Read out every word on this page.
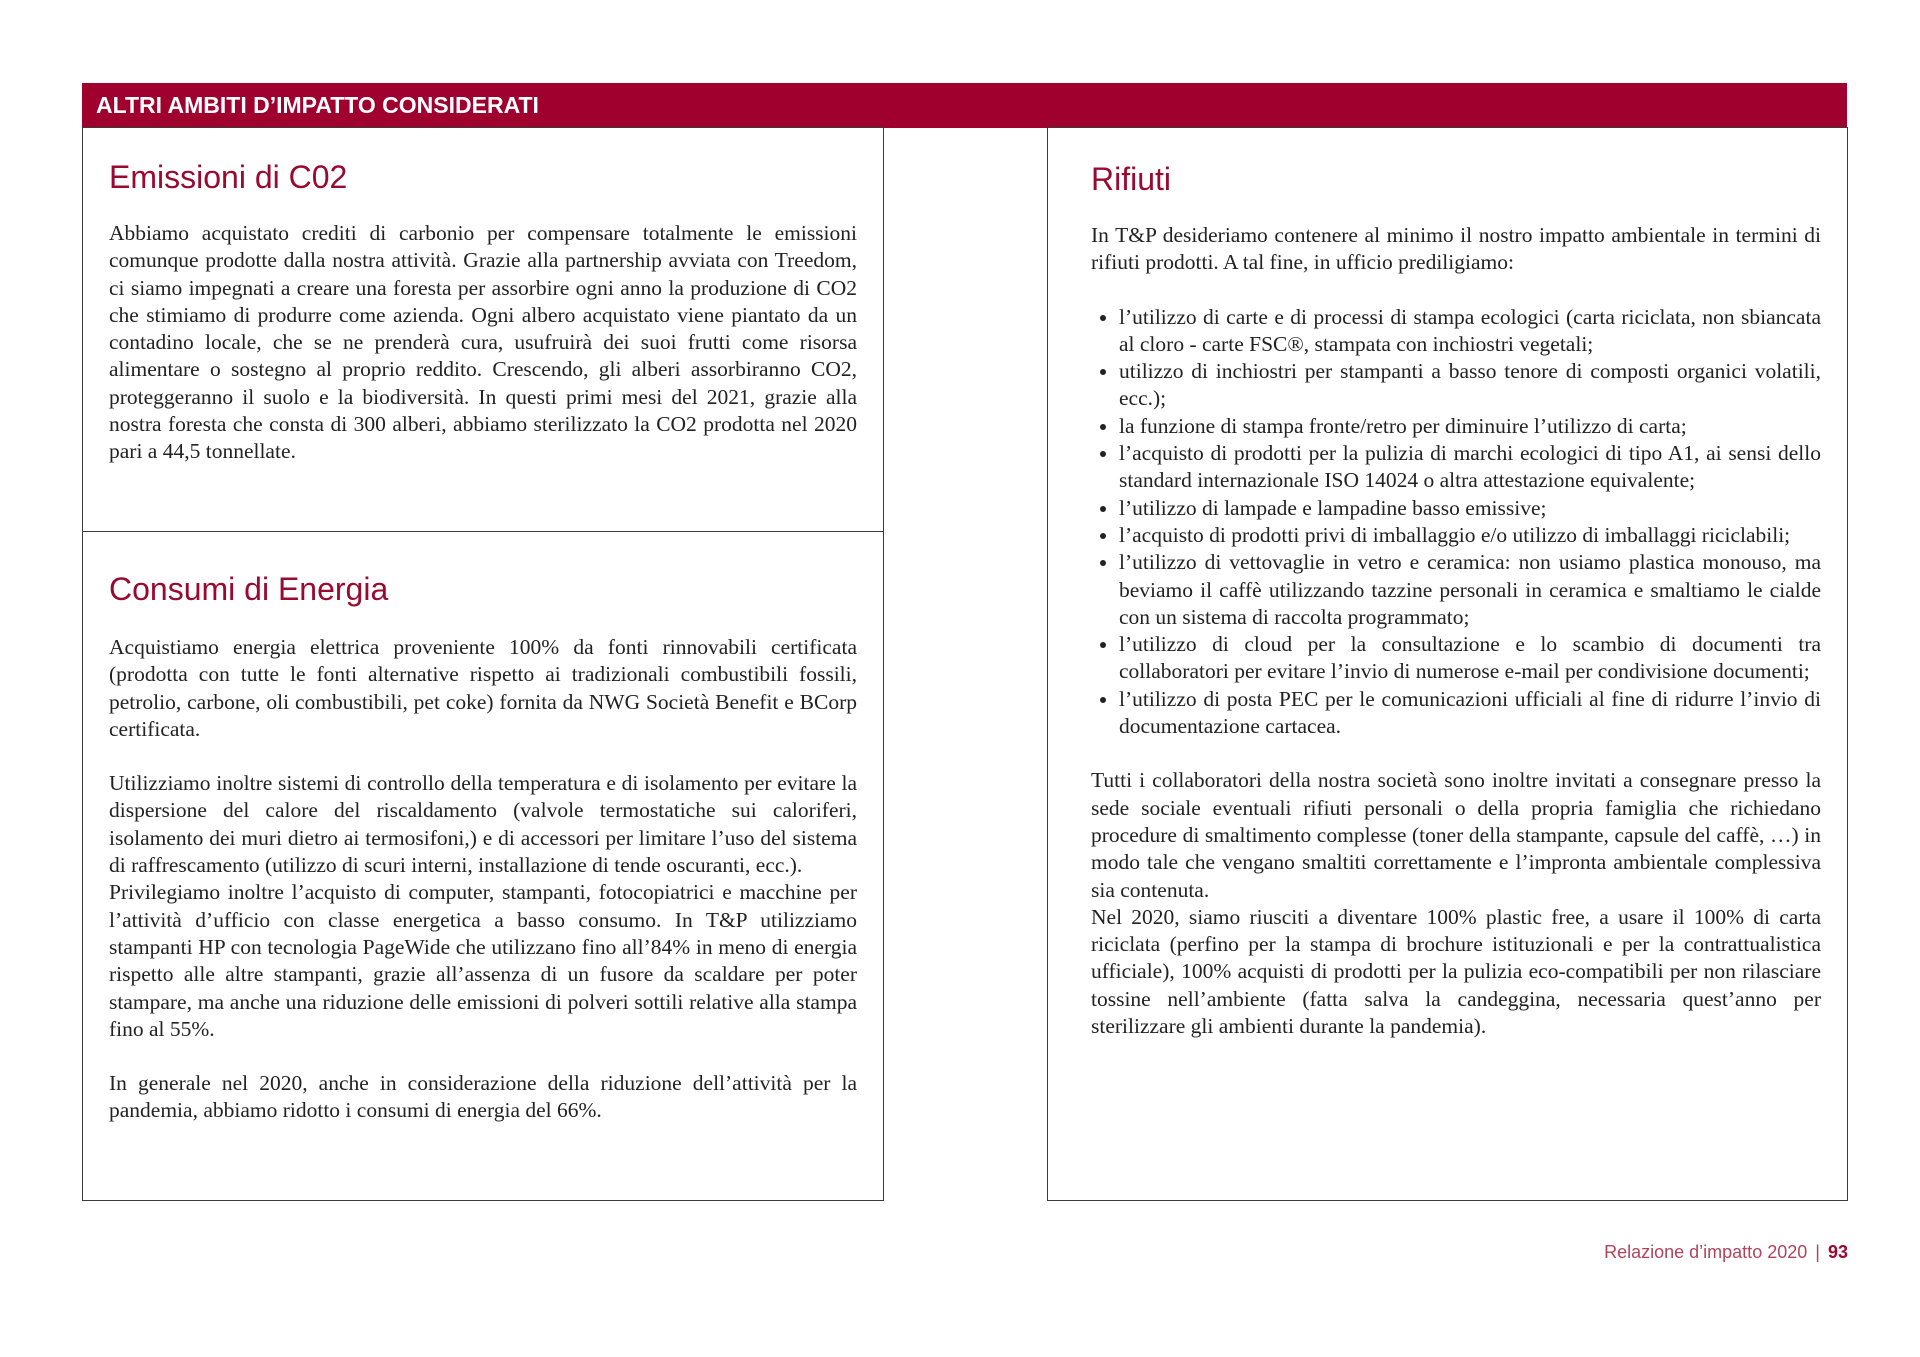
ALTRI AMBITI D’IMPATTO CONSIDERATI
Emissioni di C02

Abbiamo acquistato crediti di carbonio per compensare totalmente le emissioni comunque prodotte dalla nostra attività. Grazie alla partnership avviata con Treedom, ci siamo impegnati a creare una foresta per assorbire ogni anno la produzione di CO2 che stimiamo di produrre come azienda. Ogni albero acquistato viene piantato da un contadino locale, che se ne prenderà cura, usufruirà dei suoi frutti come risorsa alimentare o sostegno al proprio reddito. Crescendo, gli alberi assorbiranno CO2, proteggeranno il suolo e la biodiversità. In questi primi mesi del 2021, grazie alla nostra foresta che consta di 300 alberi, abbiamo sterilizzato la CO2 prodotta nel 2020 pari a 44,5 tonnellate.

Consumi di Energia

Acquistiamo energia elettrica proveniente 100% da fonti rinnovabili certificata (prodotta con tutte le fonti alternative rispetto ai tradizionali combustibili fossili, petrolio, carbone, oli combustibili, pet coke) fornita da NWG Società Benefit e BCorp certificata.

Utilizziamo inoltre sistemi di controllo della temperatura e di isolamento per evitare la dispersione del calore del riscaldamento (valvole termostatiche sui caloriferi, isolamento dei muri dietro ai termosifoni,) e di accessori per limitare l’uso del sistema di raffrescamento (utilizzo di scuri interni, installazione di tende oscuranti, ecc.).

Privilegiamo inoltre l’acquisto di computer, stampanti, fotocopiatrici e macchine per l’attività d’ufficio con classe energetica a basso consumo. In T&P utilizziamo stampanti HP con tecnologia PageWide che utilizzano fino all’84% in meno di energia rispetto alle altre stampanti, grazie all’assenza di un fusore da scaldare per poter stampare, ma anche una riduzione delle emissioni di polveri sottili relative alla stampa fino al 55%.

In generale nel 2020, anche in considerazione della riduzione dell’attività per la pandemia, abbiamo ridotto i consumi di energia del 66%.

Rifiuti

In T&P desideriamo contenere al minimo il nostro impatto ambientale in termini di rifiuti prodotti. A tal fine, in ufficio prediligiamo:

• l’utilizzo di carte e di processi di stampa ecologici (carta riciclata, non sbiancata al cloro - carte FSC®, stampata con inchiostri vegetali;
• utilizzo di inchiostri per stampanti a basso tenore di composti organici volatili, ecc.);
• la funzione di stampa fronte/retro per diminuire l’utilizzo di carta;
• l’acquisto di prodotti per la pulizia di marchi ecologici di tipo A1, ai sensi dello standard internazionale ISO 14024 o altra attestazione equivalente;
• l’utilizzo di lampade e lampadine basso emissive;
• l’acquisto di prodotti privi di imballaggio e/o utilizzo di imballaggi riciclabili;
• l’utilizzo di vettovaglie in vetro e ceramica: non usiamo plastica monouso, ma beviamo il caffè utilizzando tazzine personali in ceramica e smaltiamo le cialde con un sistema di raccolta programmato;
• l’utilizzo di cloud per la consultazione e lo scambio di documenti tra collaboratori per evitare l’invio di numerose e-mail per condivisione documenti;
• l’utilizzo di posta PEC per le comunicazioni ufficiali al fine di ridurre l’invio di documentazione cartacea.

Tutti i collaboratori della nostra società sono inoltre invitati a consegnare presso la sede sociale eventuali rifiuti personali o della propria famiglia che richiedano procedure di smaltimento complesse (toner della stampante, capsule del caffè, …) in modo tale che vengano smaltiti correttamente e l’impronta ambientale complessiva sia contenuta.

Nel 2020, siamo riusciti a diventare 100% plastic free, a usare il 100% di carta riciclata (perfino per la stampa di brochure istituzionali e per la contrattualistica ufficiale), 100% acquisti di prodotti per la pulizia eco-compatibili per non rilasciare tossine nell’ambiente (fatta salva la candeggina, necessaria quest’anno per sterilizzare gli ambienti durante la pandemia).

Relazione d’impatto 2020 | 93
